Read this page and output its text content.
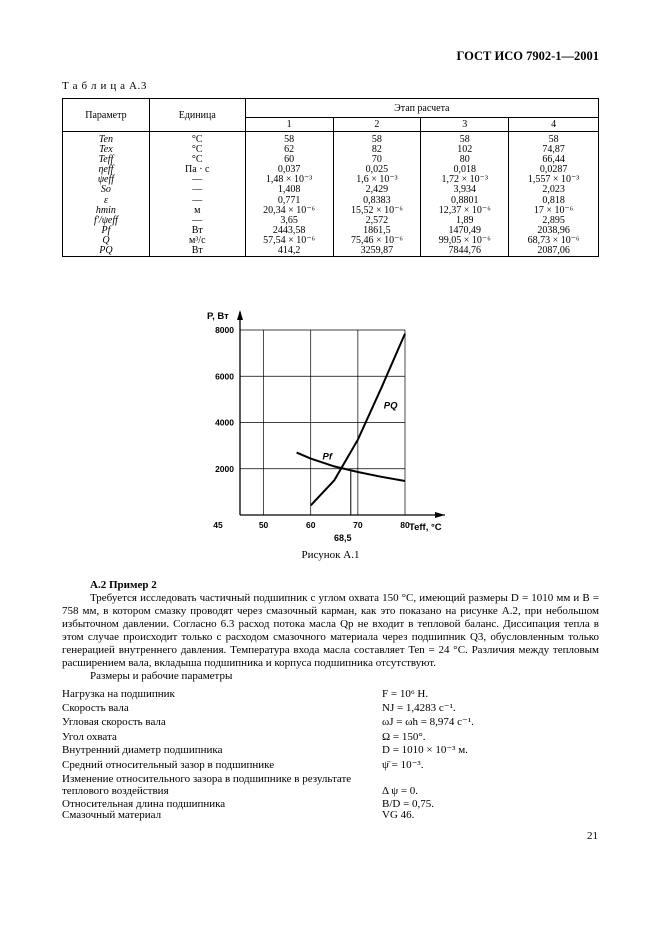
ГОСТ ИСО 7902-1—2001
Т а б л и ц а А.3
Параметр	Единица	Этап расчета			
		1	2	3	4
Ten	°C	58	58	58	58
Tex	°C	62	82	102	74,87
Teff	°C	60	70	80	66,44
ηeff	Па · с	0,037	0,025	0,018	0,0287
ψeff	—	1,48 × 10⁻³	1,6 × 10⁻³	1,72 × 10⁻³	1,557 × 10⁻³
So	—	1,408	2,429	3,934	2,023
ε	—	0,771	0,8383	0,8801	0,818
hmin	м	20,34 × 10⁻⁶	15,52 × 10⁻⁶	12,37 × 10⁻⁶	17 × 10⁻⁶
f′/ψeff	—	3,65	2,572	1,89	2,895
Pf	Вт	2443,58	1861,5	1470,49	2038,96
Q	м³/с	57,54 × 10⁻⁶	75,46 × 10⁻⁶	99,05 × 10⁻⁶	68,73 × 10⁻⁶
PQ	Вт	414,2	3259,87	7844,76	2087,06
2000
4000
6000
8000
45	50	60	70	80
Pf
PQ
P, Вт
Teff, °C
68,5
Рисунок А.1
А.2 Пример 2

Требуется исследовать частичный подшипник с углом охвата 150 °С, имеющий размеры D = 1010 мм и B = 758 мм, в котором смазку проводят через смазочный карман, как это показано на рисунке А.2, при небольшом избыточном давлении. Согласно 6.3 расход потока масла Qp не входит в тепловой баланс. Диссипация тепла в этом случае происходит только с расходом смазочного материала через подшипник Q3, обусловленным только генерацией внутреннего давления. Температура входа масла составляет Ten = 24 °С. Различия между тепловым расширением вала, вкладыша подшипника и корпуса подшипника отсутствуют.

Размеры и рабочие параметры
Нагрузка на подшипник	F = 10⁶ Н.
Скорость вала	NJ = 1,4283 с⁻¹.
Угловая скорость вала	ωJ = ωh = 8,974 с⁻¹.
Угол охвата	Ω = 150°.
Внутренний диаметр подшипника	D = 1010 × 10⁻³ м.
Средний относительный зазор в подшипнике	ψ̄ = 10⁻³.
Изменение относительного зазора в подшипнике в результате теплового воздействия	Δ ψ = 0.
Относительная длина подшипника	B/D = 0,75.
Смазочный материал	VG 46.
21
